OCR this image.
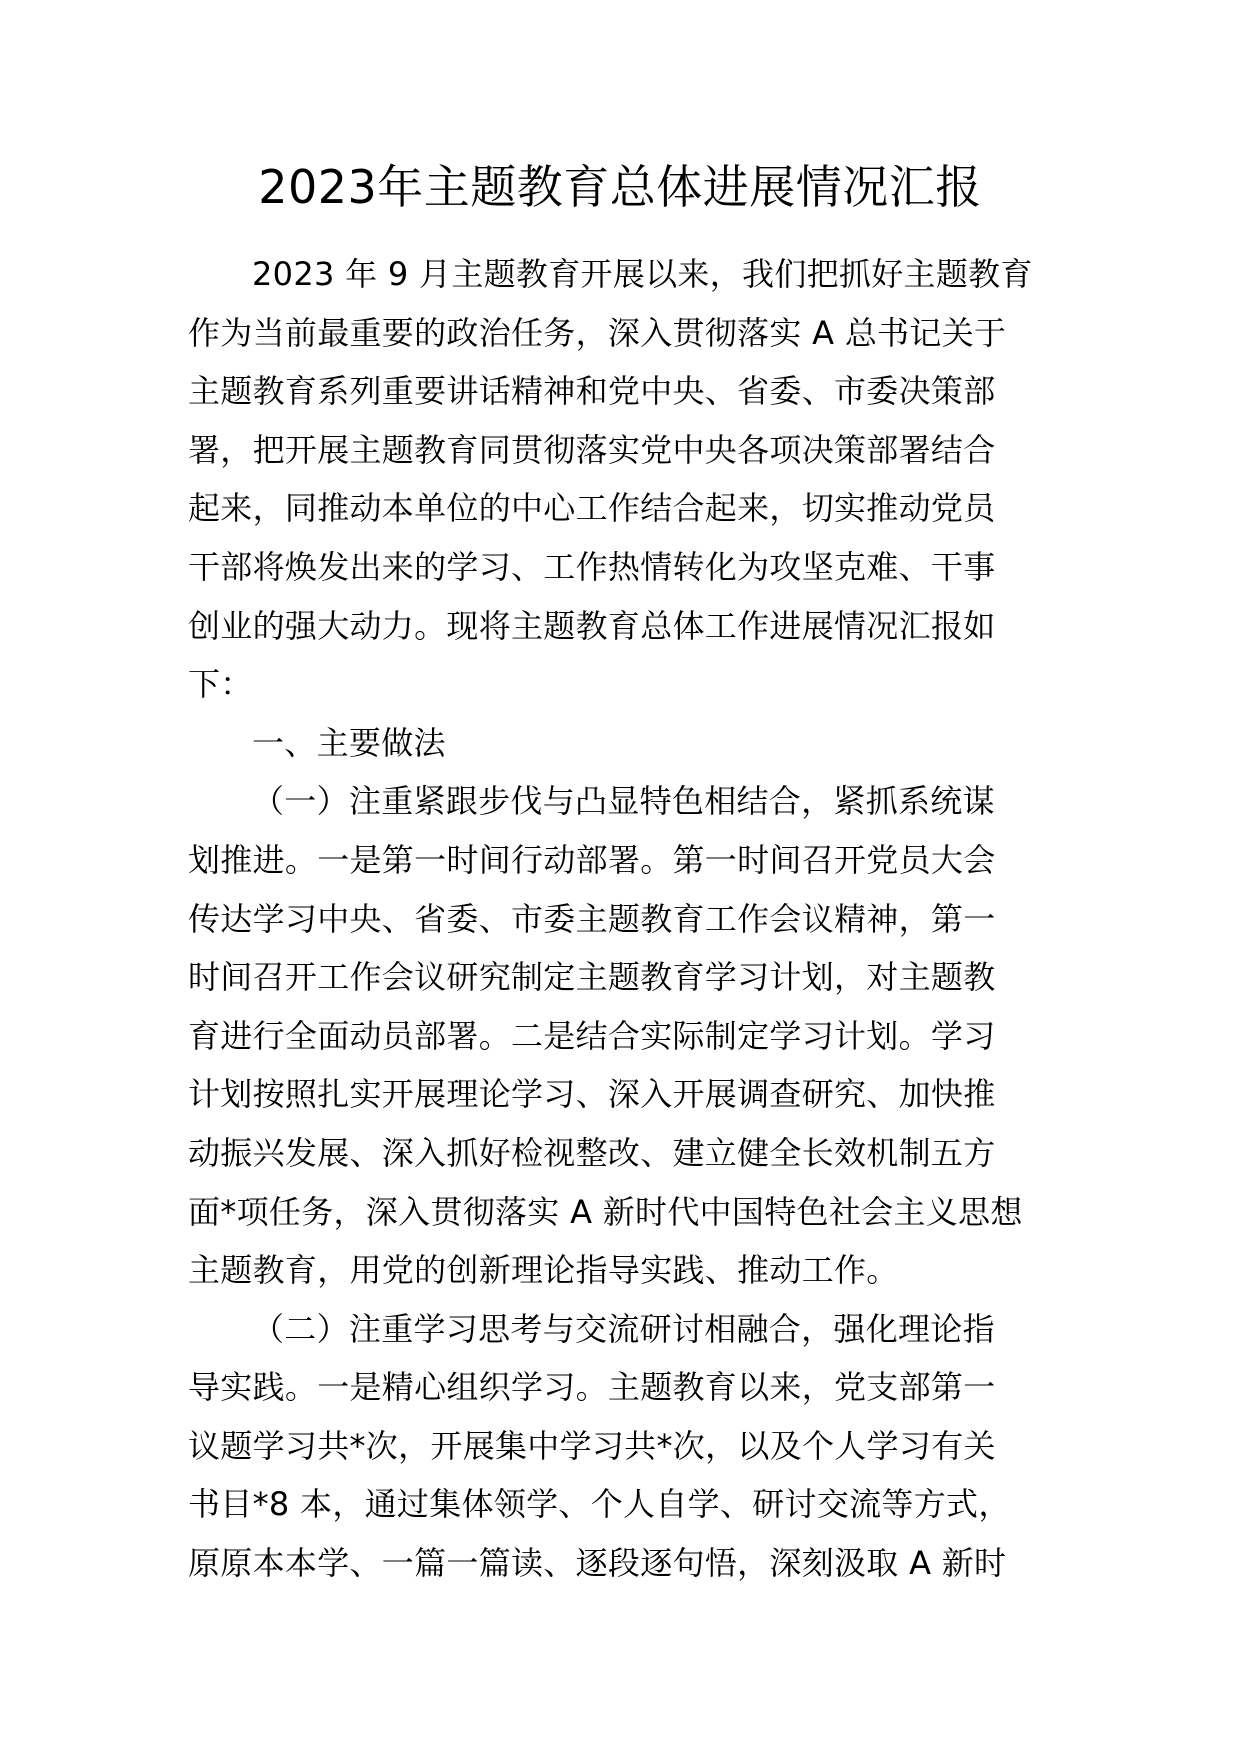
2023年主题教育总体进展情况汇报
2023 年 9 月主题教育开展以来，我们把抓好主题教育
作为当前最重要的政治任务，深入贯彻落实 A 总书记关于
主题教育系列重要讲话精神和党中央、省委、市委决策部
署，把开展主题教育同贯彻落实党中央各项决策部署结合
起来，同推动本单位的中心工作结合起来，切实推动党员
干部将焕发出来的学习、工作热情转化为攻坚克难、干事
创业的强大动力。现将主题教育总体工作进展情况汇报如
下：
一、主要做法
（一）注重紧跟步伐与凸显特色相结合，紧抓系统谋
划推进。一是第一时间行动部署。第一时间召开党员大会
传达学习中央、省委、市委主题教育工作会议精神，第一
时间召开工作会议研究制定主题教育学习计划，对主题教
育进行全面动员部署。二是结合实际制定学习计划。学习
计划按照扎实开展理论学习、深入开展调查研究、加快推
动振兴发展、深入抓好检视整改、建立健全长效机制五方
面*项任务，深入贯彻落实 A 新时代中国特色社会主义思想
主题教育，用党的创新理论指导实践、推动工作。
（二）注重学习思考与交流研讨相融合，强化理论指
导实践。一是精心组织学习。主题教育以来，党支部第一
议题学习共*次，开展集中学习共*次，以及个人学习有关
书目*8 本，通过集体领学、个人自学、研讨交流等方式，
原原本本学、一篇一篇读、逐段逐句悟，深刻汲取 A 新时
